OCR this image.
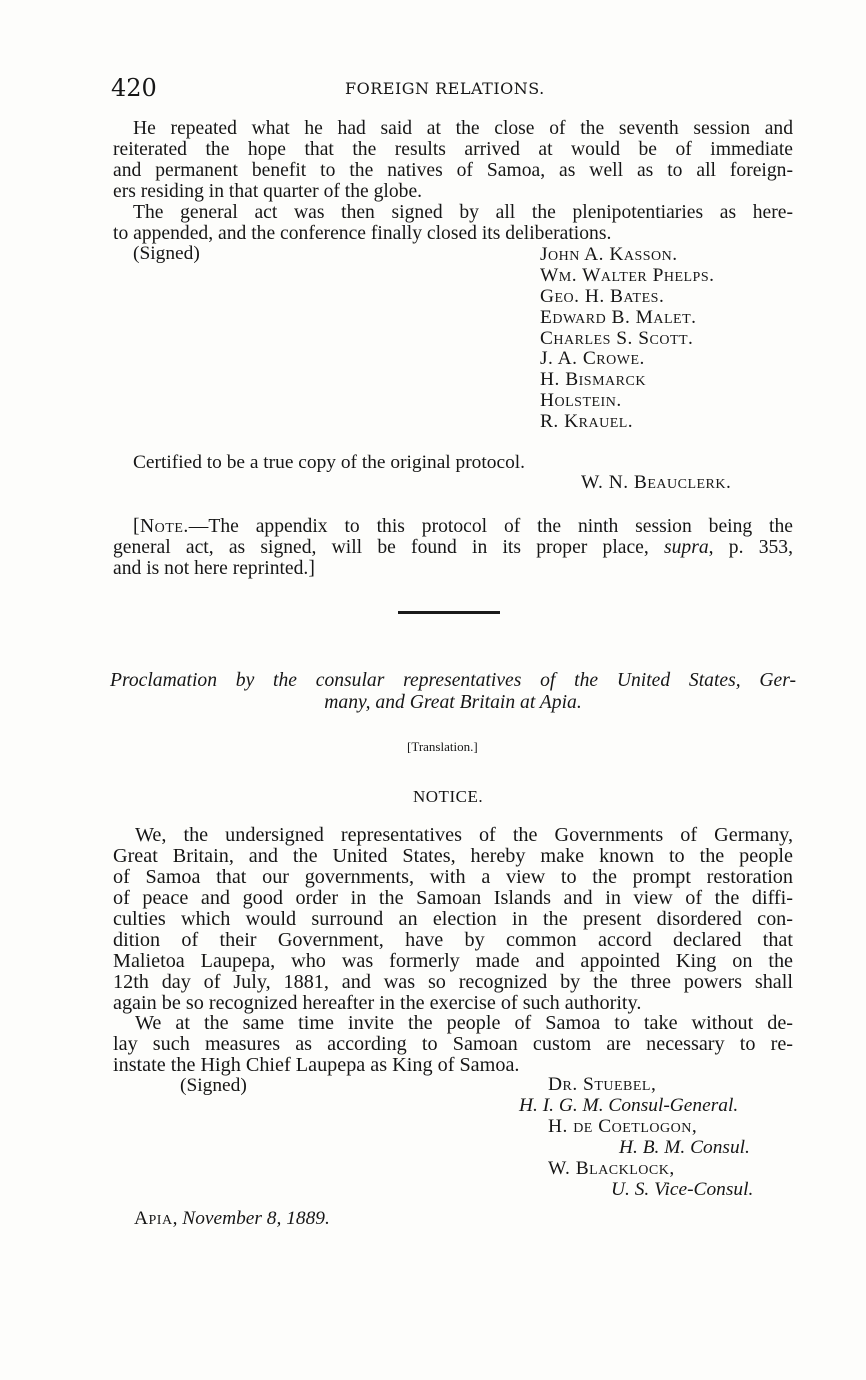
420	FOREIGN RELATIONS.
He repeated what he had said at the close of the seventh session and
reiterated the hope that the results arrived at would be of immediate
and permanent benefit to the natives of Samoa, as well as to all foreign-
ers residing in that quarter of the globe.
The general act was then signed by all the plenipotentiaries as here-
to appended, and the conference finally closed its deliberations.
(Signed)	John A. Kasson.
Wm. Walter Phelps.
Geo. H. Bates.
Edward B. Malet.
Charles S. Scott.
J. A. Crowe.
H. Bismarck
Holstein.
R. Krauel.
Certified to be a true copy of the original protocol.
W. N. Beauclerk.
[Note.—The appendix to this protocol of the ninth session being the
general act, as signed, will be found in its proper place, supra, p. 353,
and is not here reprinted.]
Proclamation by the consular representatives of the United States, Ger-
many, and Great Britain at Apia.
[Translation.]
NOTICE.
We, the undersigned representatives of the Governments of Germany,
Great Britain, and the United States, hereby make known to the people
of Samoa that our governments, with a view to the prompt restoration
of peace and good order in the Samoan Islands and in view of the diffi-
culties which would surround an election in the present disordered con-
dition of their Government, have by common accord declared that
Malietoa Laupepa, who was formerly made and appointed King on the
12th day of July, 1881, and was so recognized by the three powers shall
again be so recognized hereafter in the exercise of such authority.
We at the same time invite the people of Samoa to take without de-
lay such measures as according to Samoan custom are necessary to re-
instate the High Chief Laupepa as King of Samoa.
(Signed)	Dr. Stuebel,
H. I. G. M. Consul-General.
H. de Coetlogon,
H. B. M. Consul.
W. Blacklock,
U. S. Vice-Consul.
Apia, November 8, 1889.
